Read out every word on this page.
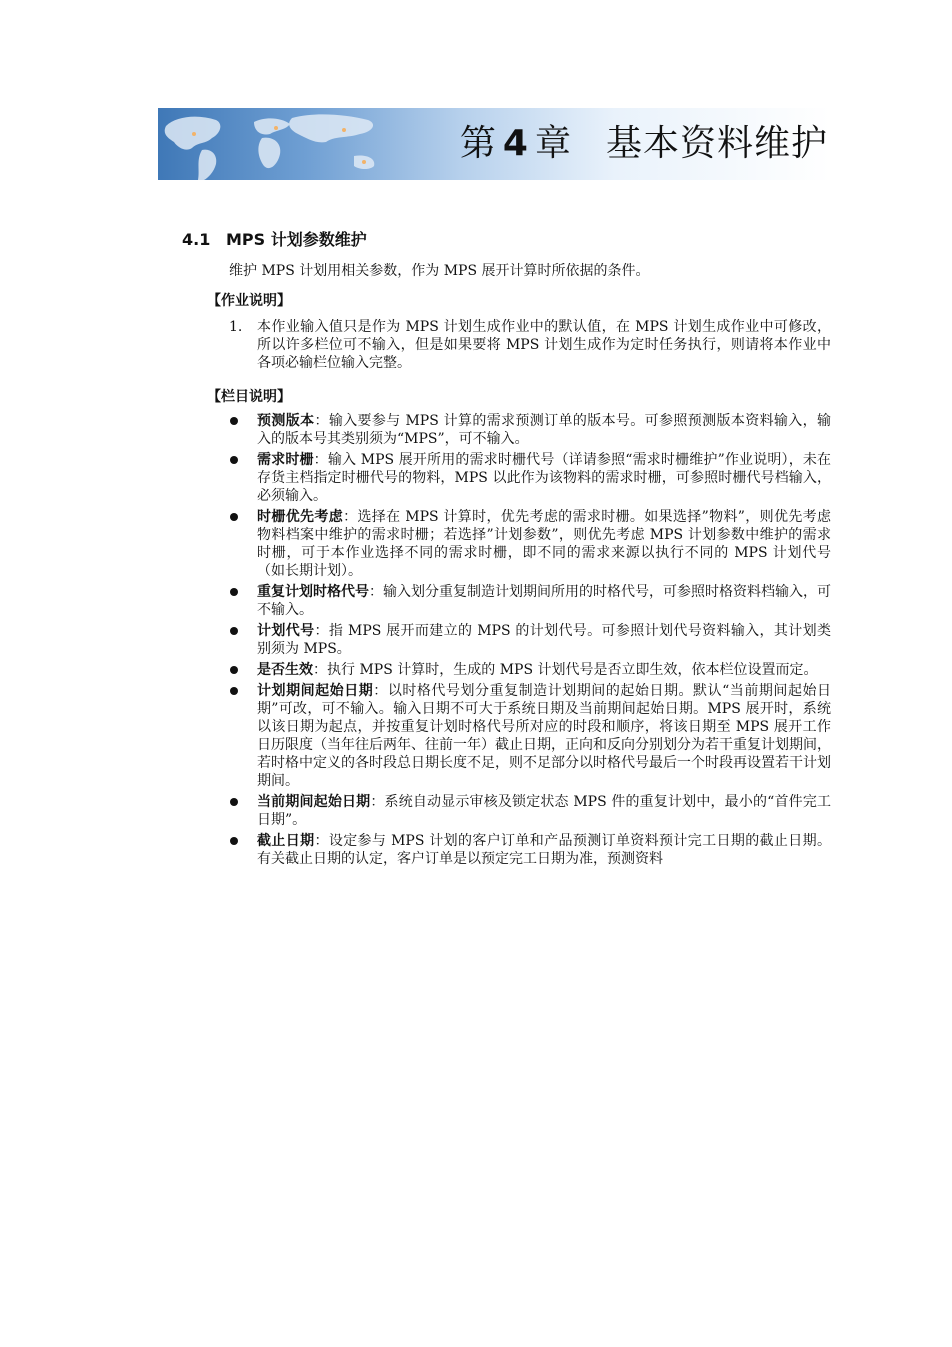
第 4 章 基本资料维护
4.1 MPS 计划参数维护
维护 MPS 计划用相关参数，作为 MPS 展开计算时所依据的条件。
【作业说明】
1. 本作业输入值只是作为 MPS 计划生成作业中的默认值，在 MPS 计划生成作业中可修改，所以许多栏位可不输入，但是如果要将 MPS 计划生成作为定时任务执行，则请将本作业中各项必输栏位输入完整。
【栏目说明】
预测版本：输入要参与 MPS 计算的需求预测订单的版本号。可参照预测版本资料输入，输入的版本号其类别须为“MPS”，可不输入。
需求时栅：输入 MPS 展开所用的需求时栅代号（详请参照“需求时栅维护”作业说明），未在存货主档指定时栅代号的物料，MPS 以此作为该物料的需求时栅，可参照时栅代号档输入，必须输入。
时栅优先考虑：选择在 MPS 计算时，优先考虑的需求时栅。如果选择”物料”，则优先考虑物料档案中维护的需求时栅；若选择”计划参数”，则优先考虑 MPS 计划参数中维护的需求时栅，可于本作业选择不同的需求时栅，即不同的需求来源以执行不同的 MPS 计划代号（如长期计划）。
重复计划时格代号：输入划分重复制造计划期间所用的时格代号，可参照时格资料档输入，可不输入。
计划代号：指 MPS 展开而建立的 MPS 的计划代号。可参照计划代号资料输入，其计划类别须为 MPS。
是否生效：执行 MPS 计算时，生成的 MPS 计划代号是否立即生效，依本栏位设置而定。
计划期间起始日期：以时格代号划分重复制造计划期间的起始日期。默认“当前期间起始日期”可改，可不输入。输入日期不可大于系统日期及当前期间起始日期。MPS 展开时，系统以该日期为起点，并按重复计划时格代号所对应的时段和顺序，将该日期至 MPS 展开工作日历限度（当年往后两年、往前一年）截止日期，正向和反向分别划分为若干重复计划期间，若时格中定义的各时段总日期长度不足，则不足部分以时格代号最后一个时段再设置若干计划期间。
当前期间起始日期：系统自动显示审核及锁定状态 MPS 件的重复计划中，最小的“首件完工日期”。
截止日期：设定参与 MPS 计划的客户订单和产品预测订单资料预计完工日期的截止日期。有关截止日期的认定，客户订单是以预定完工日期为准，预测资料
